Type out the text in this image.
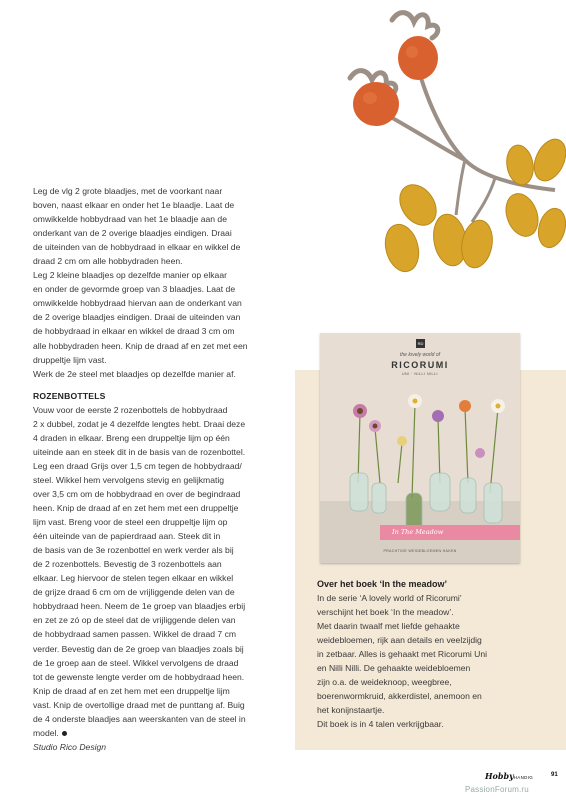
Leg de vlg 2 grote blaadjes, met de voorkant naar

boven, naast elkaar en onder het 1e blaadje. Laat de

omwikkelde hobbydraad van het 1e blaadje aan de

onderkant van de 2 overige blaadjes eindigen. Draai

de uiteinden van de hobbydraad in elkaar en wikkel de

draad 2 cm om alle hobbydraden heen.

Leg 2 kleine blaadjes op dezelfde manier op elkaar

en onder de gevormde groep van 3 blaadjes. Laat de

omwikkelde hobbydraad hiervan aan de onderkant van

de 2 overige blaadjes eindigen. Draai de uiteinden van

de hobbydraad in elkaar en wikkel de draad 3 cm om

alle hobbydraden heen. Knip de draad af en zet met een

druppeltje lijm vast.

Werk de 2e steel met blaadjes op dezelfde manier af.

ROZENBOTTELS

Vouw voor de eerste 2 rozenbottels de hobbydraad

2 x dubbel, zodat je 4 dezelfde lengtes hebt. Draai deze

4 draden in elkaar. Breng een druppeltje lijm op één

uiteinde aan en steek dit in de basis van de rozenbottel.

Leg een draad Grijs over 1,5 cm tegen de hobbydraad/

steel. Wikkel hem vervolgens stevig en gelijkmatig

over 3,5 cm om de hobbydraad en over de begindraad

heen. Knip de draad af en zet hem met een druppeltje

lijm vast. Breng voor de steel een druppeltje lijm op

één uiteinde van de papierdraad aan. Steek dit in

de basis van de 3e rozenbottel en werk verder als bij

de 2 rozenbottels. Bevestig de 3 rozenbottels aan

elkaar. Leg hiervoor de stelen tegen elkaar en wikkel

de grijze draad 6 cm om de vrijliggende delen van de

hobbydraad heen. Neem de 1e groep van blaadjes erbij

en zet ze zó op de steel dat de vrijliggende delen van

de hobbydraad samen passen. Wikkel de draad 7 cm

verder. Bevestig dan de 2e groep van blaadjes zoals bij

de 1e groep aan de steel. Wikkel vervolgens de draad

tot de gewenste lengte verder om de hobbydraad heen.

Knip de draad af en zet hem met een druppeltje lijm

vast. Knip de overtollige draad met de punttang af. Buig

de 4 onderste blaadjes aan weerskanten van de steel in

model.

Studio Rico Design

RD
the lovely world of
RICORUMI
UNI · NILLI NILLI
In The Meadow
PRACHTIGE WEIDEBLOEMEN HAKEN

Over het boek ‘In the meadow’

In de serie ‘A lovely world of Ricorumi’

verschijnt het boek ‘In the meadow’.

Met daarin twaalf met liefde gehaakte

weidebloemen, rijk aan details en veelzijdig

in zetbaar. Alles is gehaakt met Ricorumi Uni

en Nilli Nilli. De gehaakte weidebloemen

zijn o.a. de weideknoop, weegbree,

boerenwormkruid, akkerdistel, anemoon en

het konijnstaartje.

Dit boek is in 4 talen verkrijgbaar.

HobbyHANDIG	91
PassionForum.ru
